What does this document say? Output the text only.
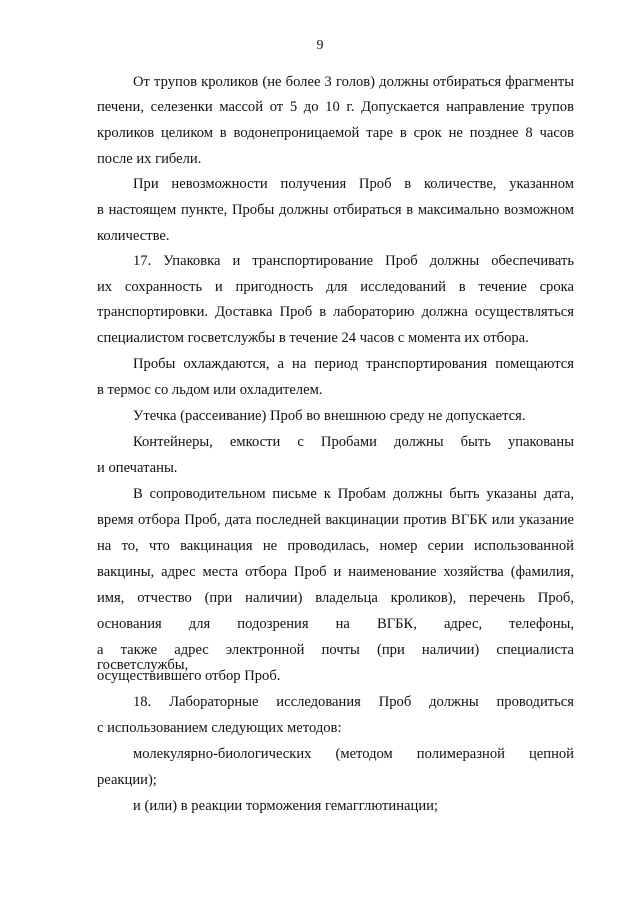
9
От трупов кроликов (не более 3 голов) должны отбираться фрагменты
печени, селезенки массой от 5 до 10 г. Допускается направление трупов
кроликов целиком в водонепроницаемой таре в срок не позднее 8 часов
после их гибели.
При невозможности получения Проб в количестве, указанном
в настоящем пункте, Пробы должны отбираться в максимально возможном
количестве.
17. Упаковка и транспортирование Проб должны обеспечивать
их сохранность и пригодность для исследований в течение срока
транспортировки. Доставка Проб в лабораторию должна осуществляться
специалистом госветслужбы в течение 24 часов с момента их отбора.
Пробы охлаждаются, а на период транспортирования помещаются
в термос со льдом или охладителем.
Утечка (рассеивание) Проб во внешнюю среду не допускается.
Контейнеры, емкости с Пробами должны быть упакованы
и опечатаны.
В сопроводительном письме к Пробам должны быть указаны дата,
время отбора Проб, дата последней вакцинации против ВГБК или указание
на то, что вакцинация не проводилась, номер серии использованной
вакцины, адрес места отбора Проб и наименование хозяйства (фамилия,
имя, отчество (при наличии) владельца кроликов), перечень Проб,
основания для подозрения на ВГБК, адрес, телефоны,
а также адрес электронной почты (при наличии) специалиста госветслужбы,
осуществившего отбор Проб.
18. Лабораторные исследования Проб должны проводиться
с использованием следующих методов:
молекулярно-биологических (методом полимеразной цепной
реакции);
и (или) в реакции торможения гемагглютинации;
